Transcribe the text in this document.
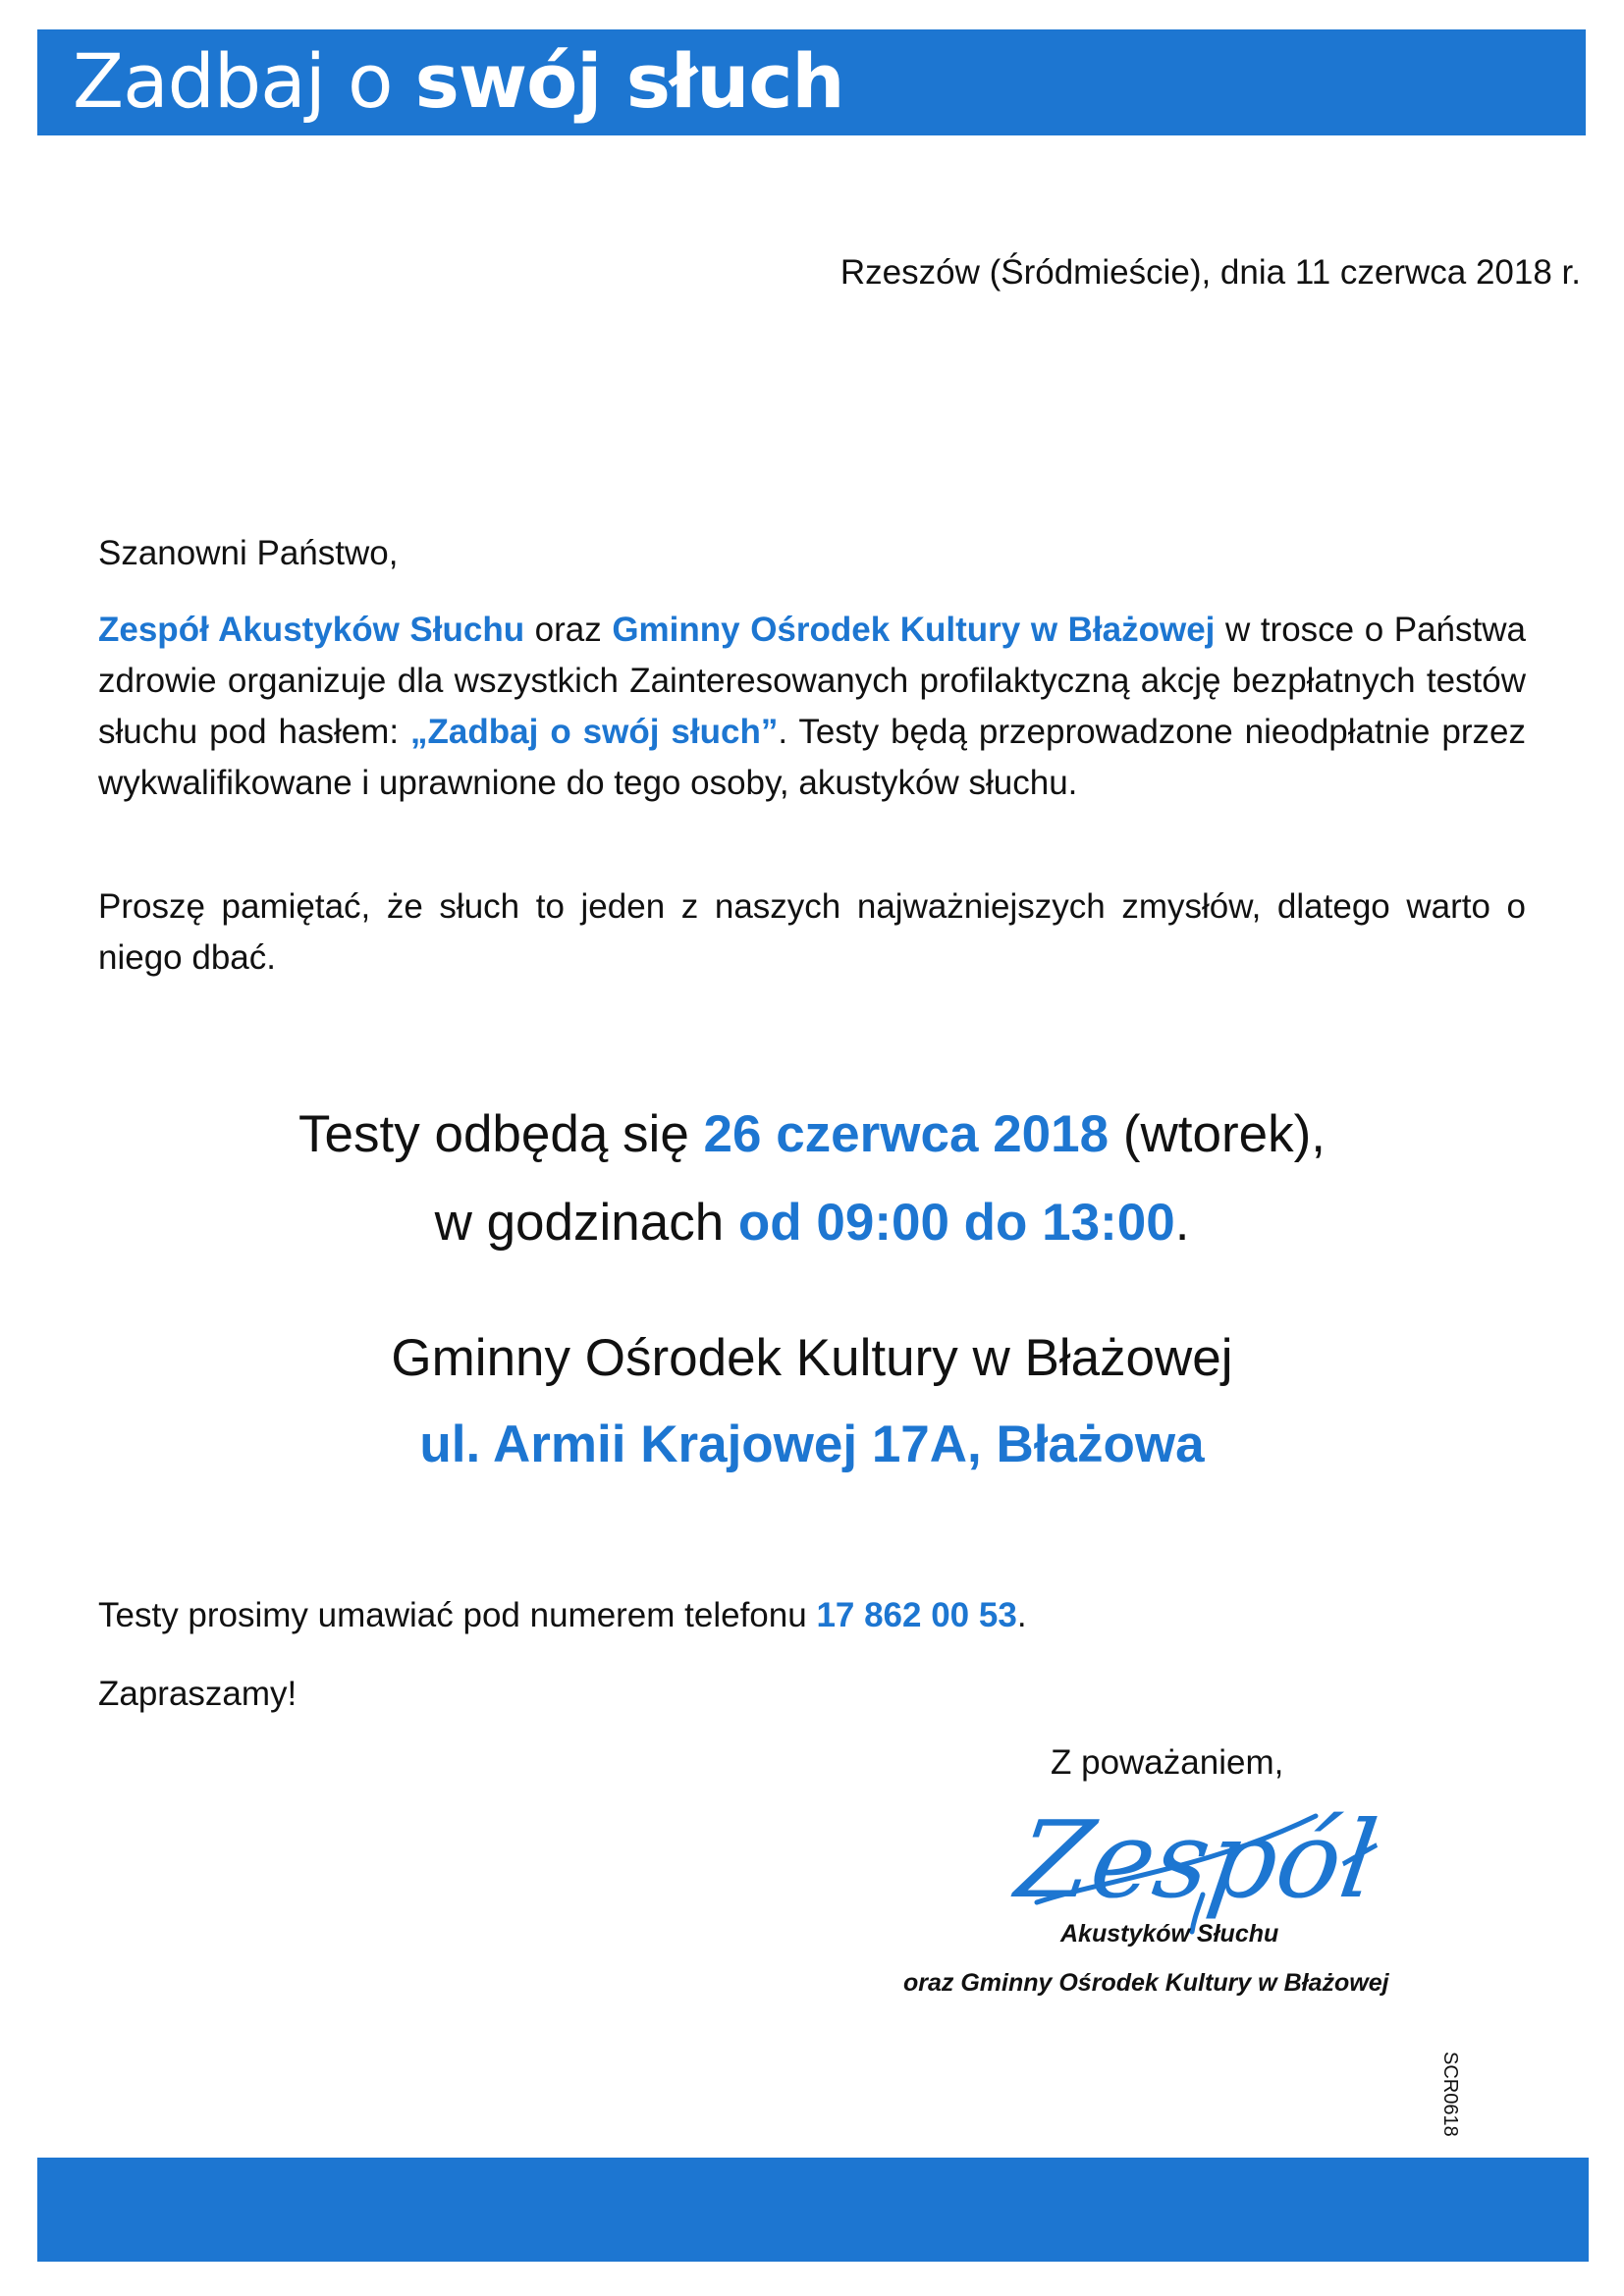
Zadbaj o swój słuch
Rzeszów (Śródmieście), dnia 11 czerwca 2018 r.
Szanowni Państwo,
Zespół Akustyków Słuchu oraz Gminny Ośrodek Kultury w Błażowej w trosce o Państwa zdrowie organizuje dla wszystkich Zainteresowanych profilaktyczną akcję bezpłatnych testów słuchu pod hasłem: „Zadbaj o swój słuch”. Testy będą przeprowadzone nieodpłatnie przez wykwalifikowane i uprawnione do tego osoby, akustyków słuchu.
Proszę pamiętać, że słuch to jeden z naszych najważniejszych zmysłów, dlatego warto o niego dbać.
Testy odbędą się 26 czerwca 2018 (wtorek),
w godzinach od 09:00 do 13:00.
Gminny Ośrodek Kultury w Błażowej
ul. Armii Krajowej 17A, Błażowa
Testy prosimy umawiać pod numerem telefonu 17 862 00 53.
Zapraszamy!
Z poważaniem,
Zespół
Akustyków Słuchu
oraz Gminny Ośrodek Kultury w Błażowej
SCR0618
